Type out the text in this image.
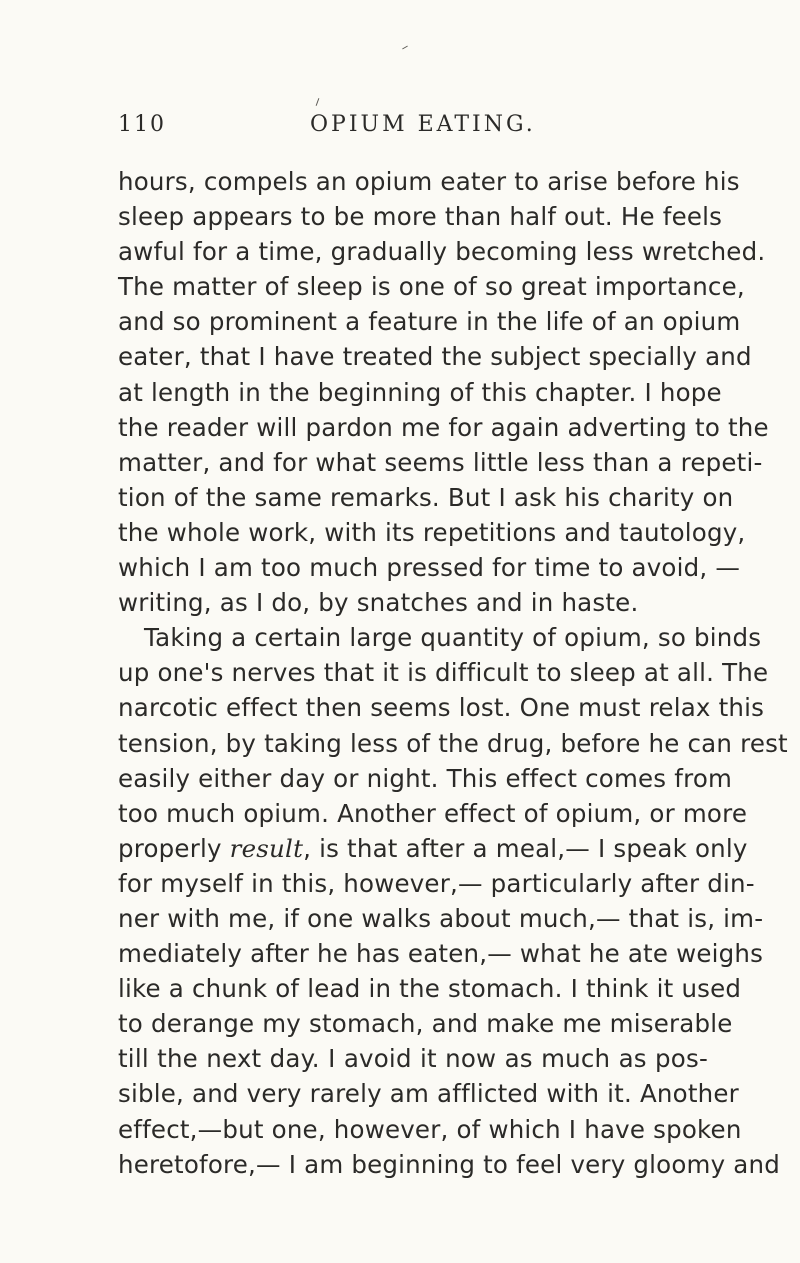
110	OPIUM EATING.
hours, compels an opium eater to arise before his
sleep appears to be more than half out. He feels
awful for a time, gradually becoming less wretched.
The matter of sleep is one of so great importance,
and so prominent a feature in the life of an opium
eater, that I have treated the subject specially and
at length in the beginning of this chapter. I hope
the reader will pardon me for again adverting to the
matter, and for what seems little less than a repeti-
tion of the same remarks. But I ask his charity on
the whole work, with its repetitions and tautology,
which I am too much pressed for time to avoid, —
writing, as I do, by snatches and in haste.
Taking a certain large quantity of opium, so binds
up one's nerves that it is difficult to sleep at all. The
narcotic effect then seems lost. One must relax this
tension, by taking less of the drug, before he can rest
easily either day or night. This effect comes from
too much opium. Another effect of opium, or more
properly result, is that after a meal,— I speak only
for myself in this, however,— particularly after din-
ner with me, if one walks about much,— that is, im-
mediately after he has eaten,— what he ate weighs
like a chunk of lead in the stomach. I think it used
to derange my stomach, and make me miserable
till the next day. I avoid it now as much as pos-
sible, and very rarely am afflicted with it. Another
effect,—but one, however, of which I have spoken
heretofore,— I am beginning to feel very gloomy and
